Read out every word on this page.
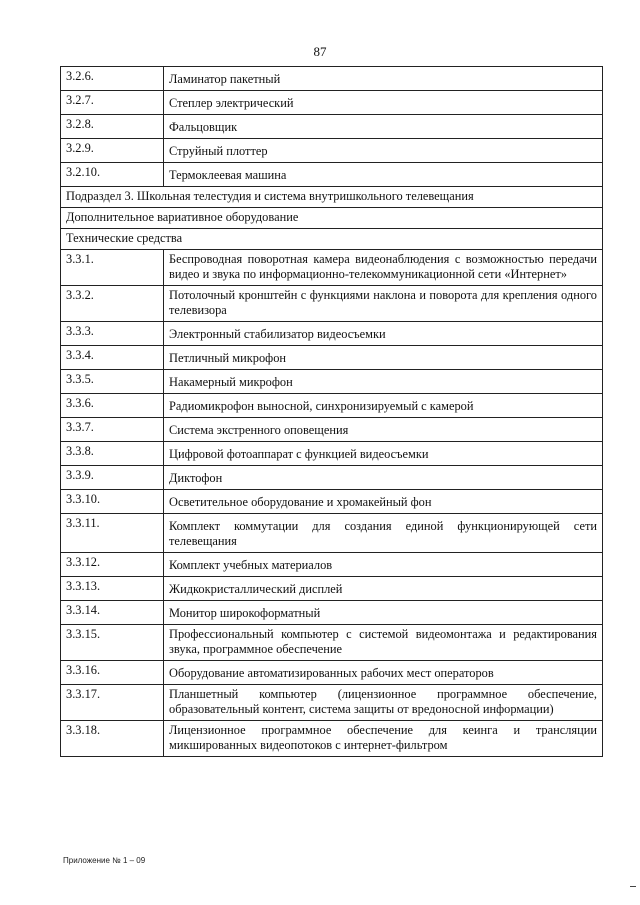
87
3.2.6.	Ламинатор пакетный
3.2.7.	Степлер электрический
3.2.8.	Фальцовщик
3.2.9.	Струйный плоттер
3.2.10.	Термоклеевая машина
Подраздел 3. Школьная телестудия и система внутришкольного телевещания	
Дополнительное вариативное оборудование	
Технические средства	
3.3.1.	Беспроводная поворотная камера видеонаблюдения с возможностью передачи видео и звука по информационно-телекоммуникационной сети «Интернет»
3.3.2.	Потолочный кронштейн с функциями наклона и поворота для крепления одного телевизора
3.3.3.	Электронный стабилизатор видеосъемки
3.3.4.	Петличный микрофон
3.3.5.	Накамерный микрофон
3.3.6.	Радиомикрофон выносной, синхронизируемый с камерой
3.3.7.	Система экстренного оповещения
3.3.8.	Цифровой фотоаппарат с функцией видеосъемки
3.3.9.	Диктофон
3.3.10.	Осветительное оборудование и хромакейный фон
3.3.11.	Комплект коммутации для создания единой функционирующей сети телевещания
3.3.12.	Комплект учебных материалов
3.3.13.	Жидкокристаллический дисплей
3.3.14.	Монитор широкоформатный
3.3.15.	Профессиональный компьютер с системой видеомонтажа и редактирования звука, программное обеспечение
3.3.16.	Оборудование автоматизированных рабочих мест операторов
3.3.17.	Планшетный компьютер (лицензионное программное обеспечение, образовательный контент, система защиты от вредоносной информации)
3.3.18.	Лицензионное программное обеспечение для кеинга и трансляции микшированных видеопотоков с интернет-фильтром
Приложение № 1 – 09
